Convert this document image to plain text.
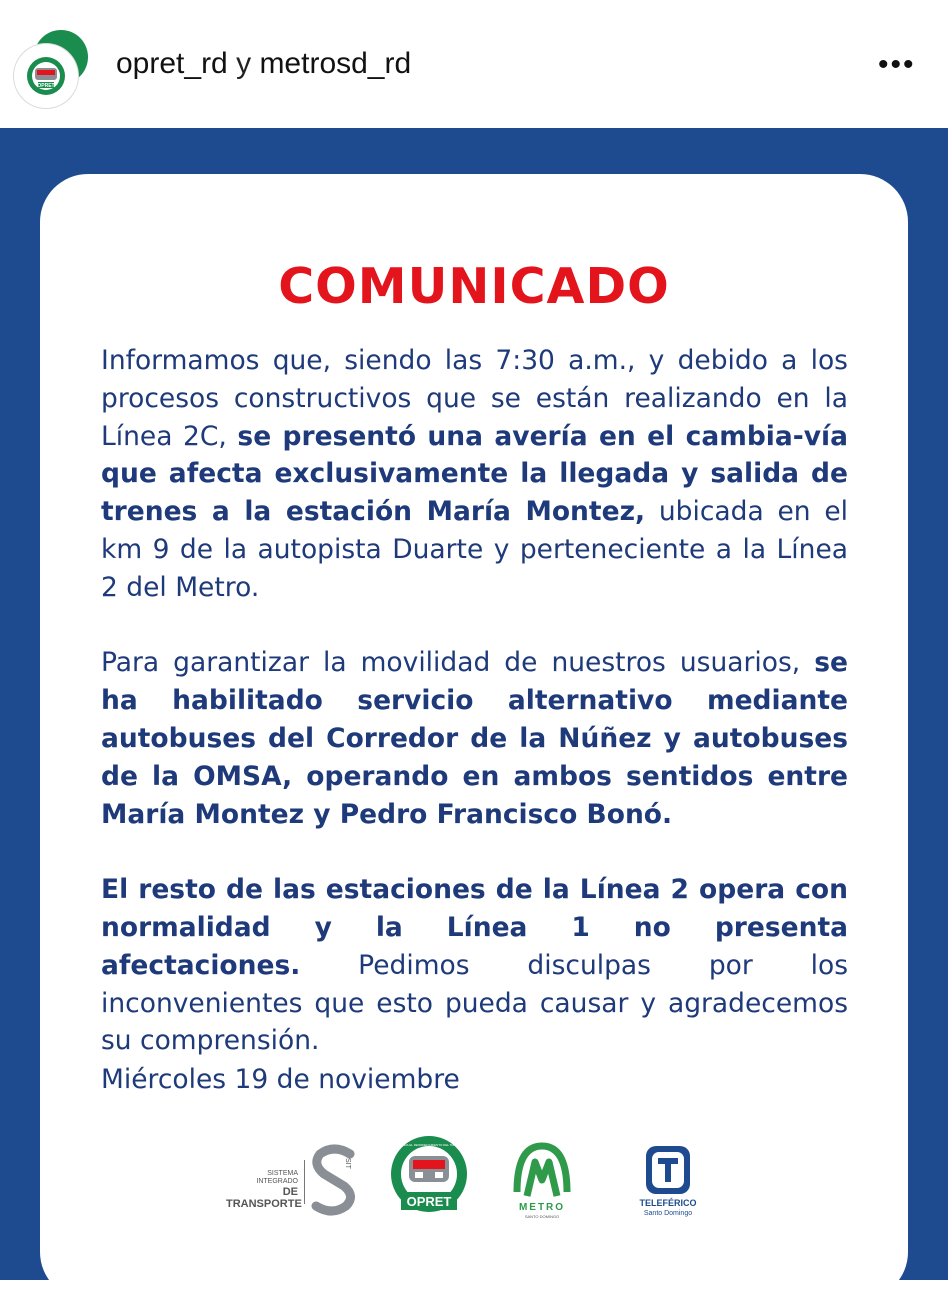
OPRET
opret_rd y metrosd_rd	•••
COMUNICADO

Informamos que, siendo las 7:30 a.m., y debido a los procesos constructivos que se están realizando en la Línea 2C, se presentó una avería en el cambia-vía que afecta exclusivamente la llegada y salida de trenes a la estación María Montez, ubicada en el km 9 de la autopista Duarte y perteneciente a la Línea 2 del Metro.

Para garantizar la movilidad de nuestros usuarios, se ha habilitado servicio alternativo mediante autobuses del Corredor de la Núñez y autobuses de la OMSA, operando en ambos sentidos entre María Montez y Pedro Francisco Bonó.

El resto de las estaciones de la Línea 2 opera con normalidad y la Línea 1 no presenta afectaciones. Pedimos disculpas por los inconvenientes que esto pueda causar y agradecemos su comprensión.

Miércoles 19 de noviembre
SISTEMA INTEGRADO
DE TRANSPORTE
SIT
OPRET
OFICINA PARA EL REORDENAMIENTO DEL TRANSPORTE
METRO
SANTO DOMINGO
TELEFÉRICO
Santo Domingo
